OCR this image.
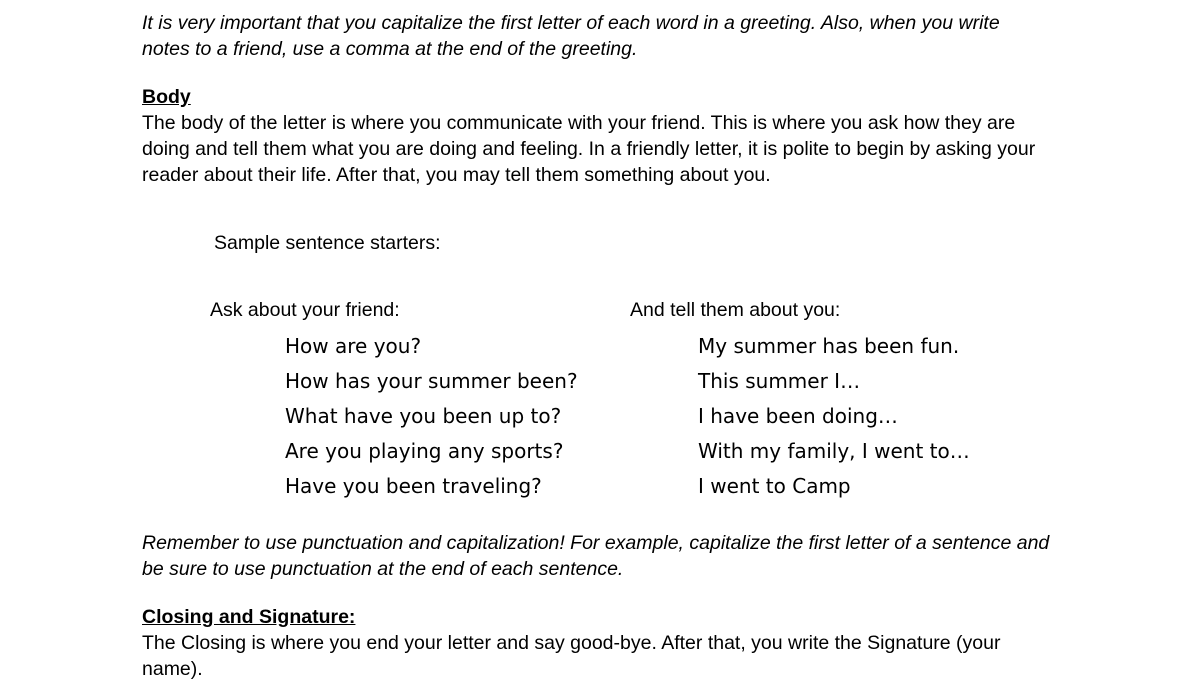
It is very important that you capitalize the first letter of each word in a greeting. Also, when you write notes to a friend, use a comma at the end of the greeting.

Body

The body of the letter is where you communicate with your friend. This is where you ask how they are doing and tell them what you are doing and feeling. In a friendly letter, it is polite to begin by asking your reader about their life. After that, you may tell them something about you.

Sample sentence starters:

Ask about your friend:
How are you?
How has your summer been?
What have you been up to?
Are you playing any sports?
Have you been traveling?
And tell them about you:
My summer has been fun.
This summer I…
I have been doing…
With my family, I went to…
I went to Camp

Remember to use punctuation and capitalization! For example, capitalize the first letter of a sentence and be sure to use punctuation at the end of each sentence.

Closing and Signature:

The Closing is where you end your letter and say good-bye. After that, you write the Signature (your name).
